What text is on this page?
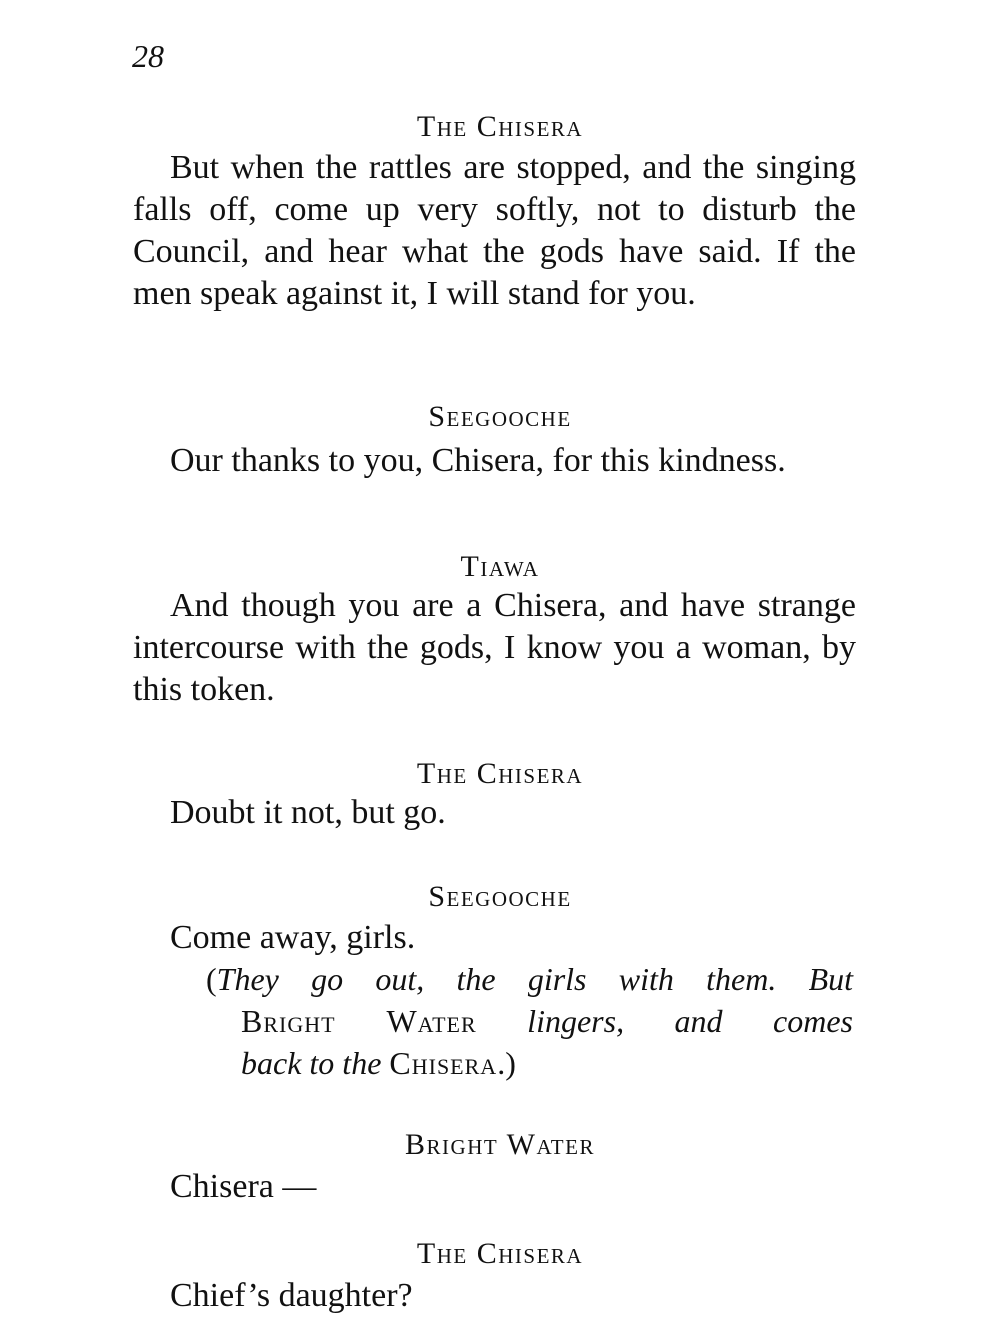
28
The Chisera
But when the rattles are stopped, and the singing falls off, come up very softly, not to disturb the Council, and hear what the gods have said. If the men speak against it, I will stand for you.
Seegooche
Our thanks to you, Chisera, for this kindness.
Tiawa
And though you are a Chisera, and have strange intercourse with the gods, I know you a woman, by this token.
The Chisera
Doubt it not, but go.
Seegooche
Come away, girls.
(They go out, the girls with them. But
Bright Water lingers, and comes
back to the Chisera.)
Bright Water
Chisera —
The Chisera
Chief’s daughter?
